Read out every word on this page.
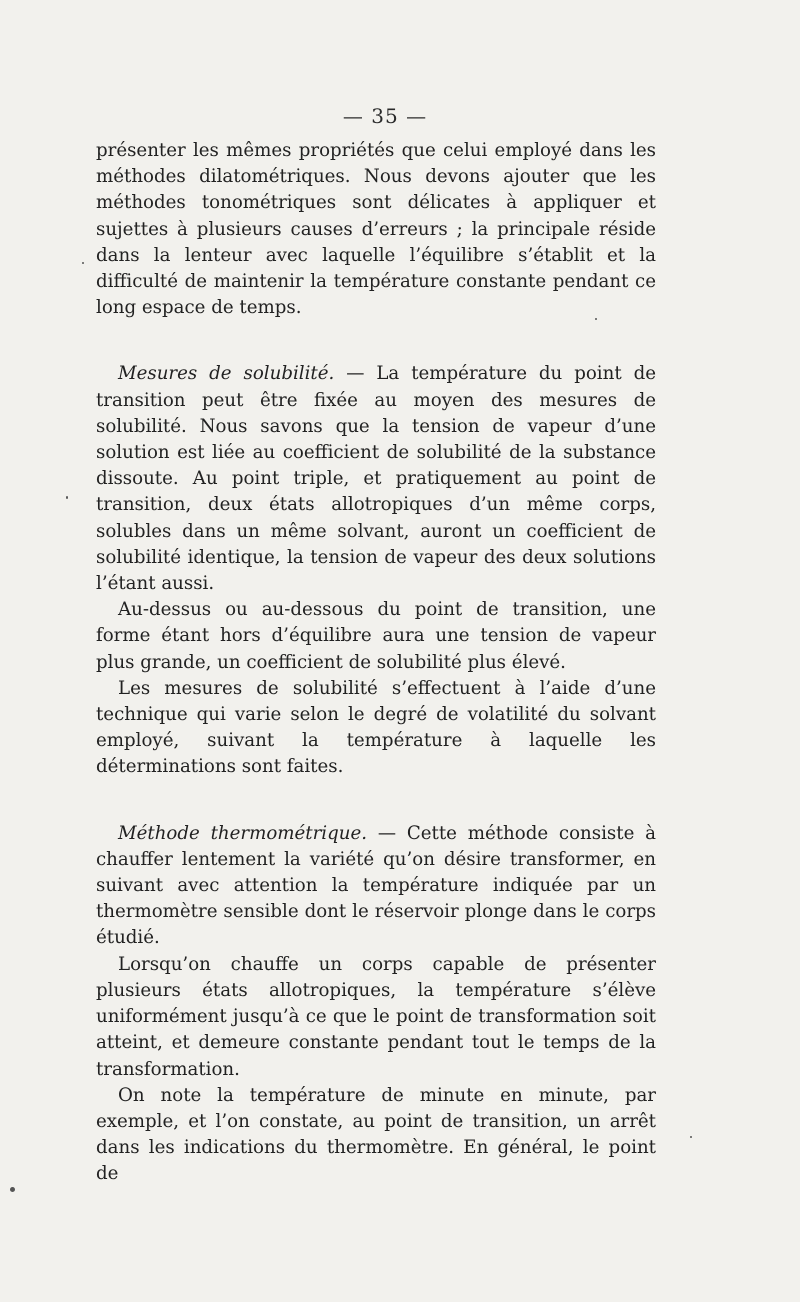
— 35 —

présenter les mêmes propriétés que celui employé dans les méthodes dilatométriques. Nous devons ajouter que les méthodes tonométriques sont délicates à appliquer et sujettes à plusieurs causes d’erreurs ; la principale réside dans la lenteur avec laquelle l’équilibre s’établit et la difficulté de maintenir la température constante pendant ce long espace de temps.

Mesures de solubilité. — La température du point de transition peut être fixée au moyen des mesures de solubilité. Nous savons que la tension de vapeur d’une solution est liée au coefficient de solubilité de la substance dissoute. Au point triple, et pratiquement au point de transition, deux états allotropiques d’un même corps, solubles dans un même solvant, auront un coefficient de solubilité identique, la tension de vapeur des deux solutions l’étant aussi.

Au-dessus ou au-dessous du point de transition, une forme étant hors d’équilibre aura une tension de vapeur plus grande, un coefficient de solubilité plus élevé.

Les mesures de solubilité s’effectuent à l’aide d’une technique qui varie selon le degré de volatilité du solvant employé, suivant la température à laquelle les déterminations sont faites.

Méthode thermométrique. — Cette méthode consiste à chauffer lentement la variété qu’on désire transformer, en suivant avec attention la température indiquée par un thermomètre sensible dont le réservoir plonge dans le corps étudié.

Lorsqu’on chauffe un corps capable de présenter plusieurs états allotropiques, la température s’élève uniformément jusqu’à ce que le point de transformation soit atteint, et demeure constante pendant tout le temps de la transformation.

On note la température de minute en minute, par exemple, et l’on constate, au point de transition, un arrêt dans les indications du thermomètre. En général, le point de
